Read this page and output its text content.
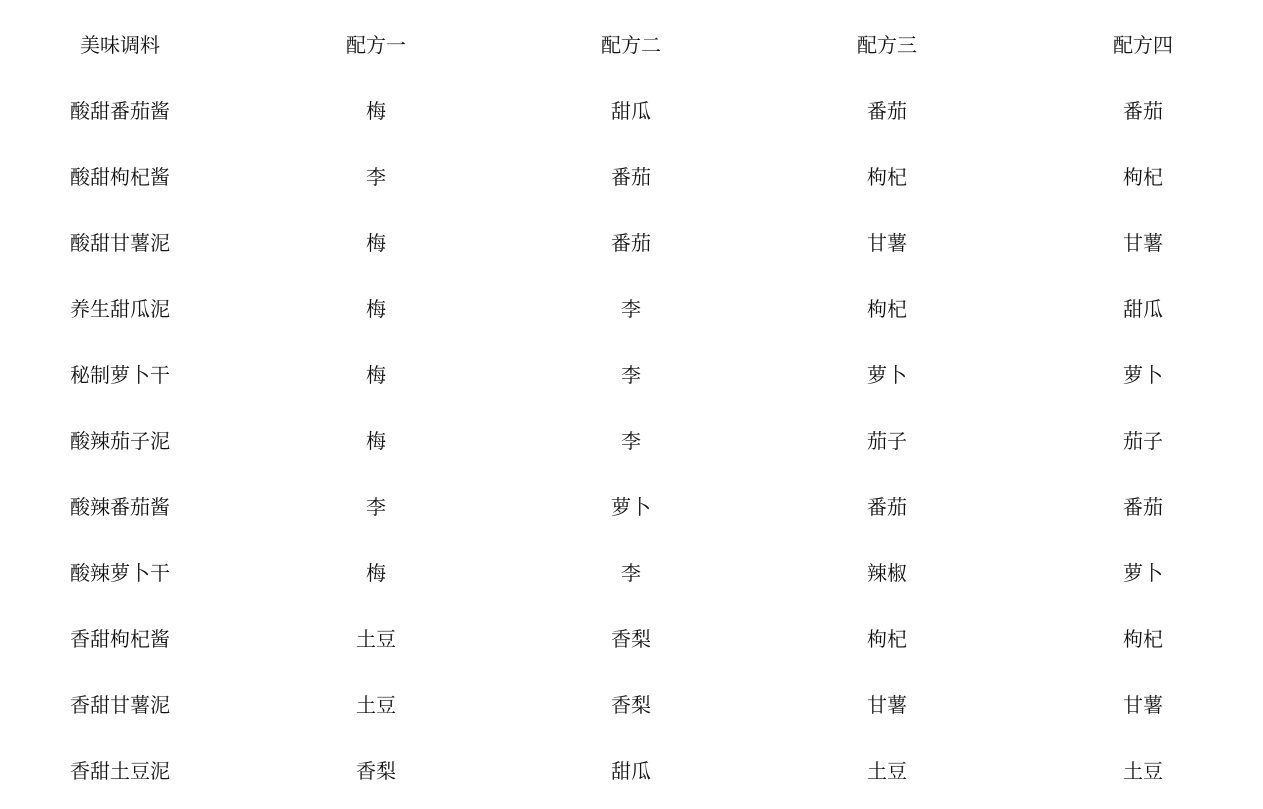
美味调料	配方一	配方二	配方三	配方四
酸甜番茄酱	梅	甜瓜	番茄	番茄
酸甜枸杞酱	李	番茄	枸杞	枸杞
酸甜甘薯泥	梅	番茄	甘薯	甘薯
养生甜瓜泥	梅	李	枸杞	甜瓜
秘制萝卜干	梅	李	萝卜	萝卜
酸辣茄子泥	梅	李	茄子	茄子
酸辣番茄酱	李	萝卜	番茄	番茄
酸辣萝卜干	梅	李	辣椒	萝卜
香甜枸杞酱	土豆	香梨	枸杞	枸杞
香甜甘薯泥	土豆	香梨	甘薯	甘薯
香甜土豆泥	香梨	甜瓜	土豆	土豆
